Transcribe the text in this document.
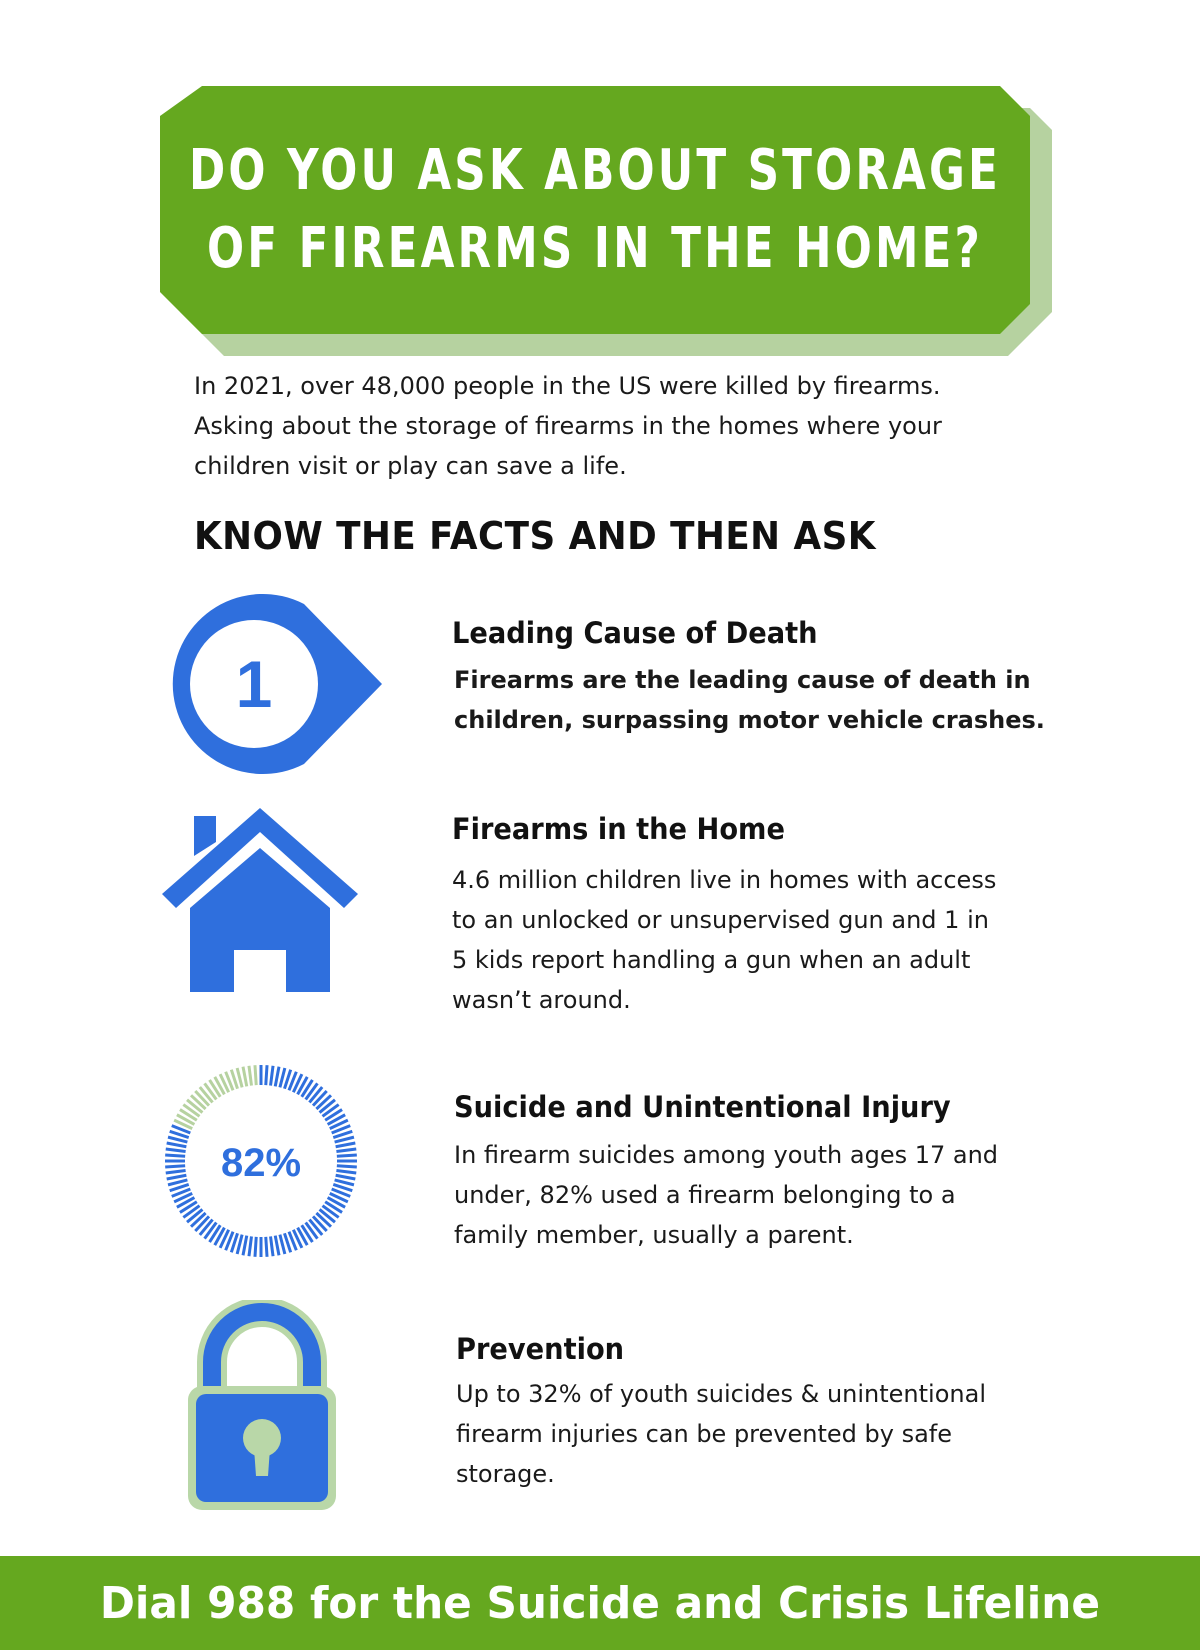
DO YOU ASK ABOUT STORAGE
OF FIREARMS IN THE HOME?
In 2021, over 48,000 people in the US were killed by firearms.
Asking about the storage of firearms in the homes where your
children visit or play can save a life.
KNOW THE FACTS AND THEN ASK
1
Leading Cause of Death
Firearms are the leading cause of death in
children, surpassing motor vehicle crashes.
Firearms in the Home
4.6 million children live in homes with access
to an unlocked or unsupervised gun and 1 in
5 kids report handling a gun when an adult
wasn’t around.
82%
Suicide and Unintentional Injury
In firearm suicides among youth ages 17 and
under, 82% used a firearm belonging to a
family member, usually a parent.
Prevention
Up to 32% of youth suicides & unintentional
firearm injuries can be prevented by safe
storage.
Dial 988 for the Suicide and Crisis Lifeline
